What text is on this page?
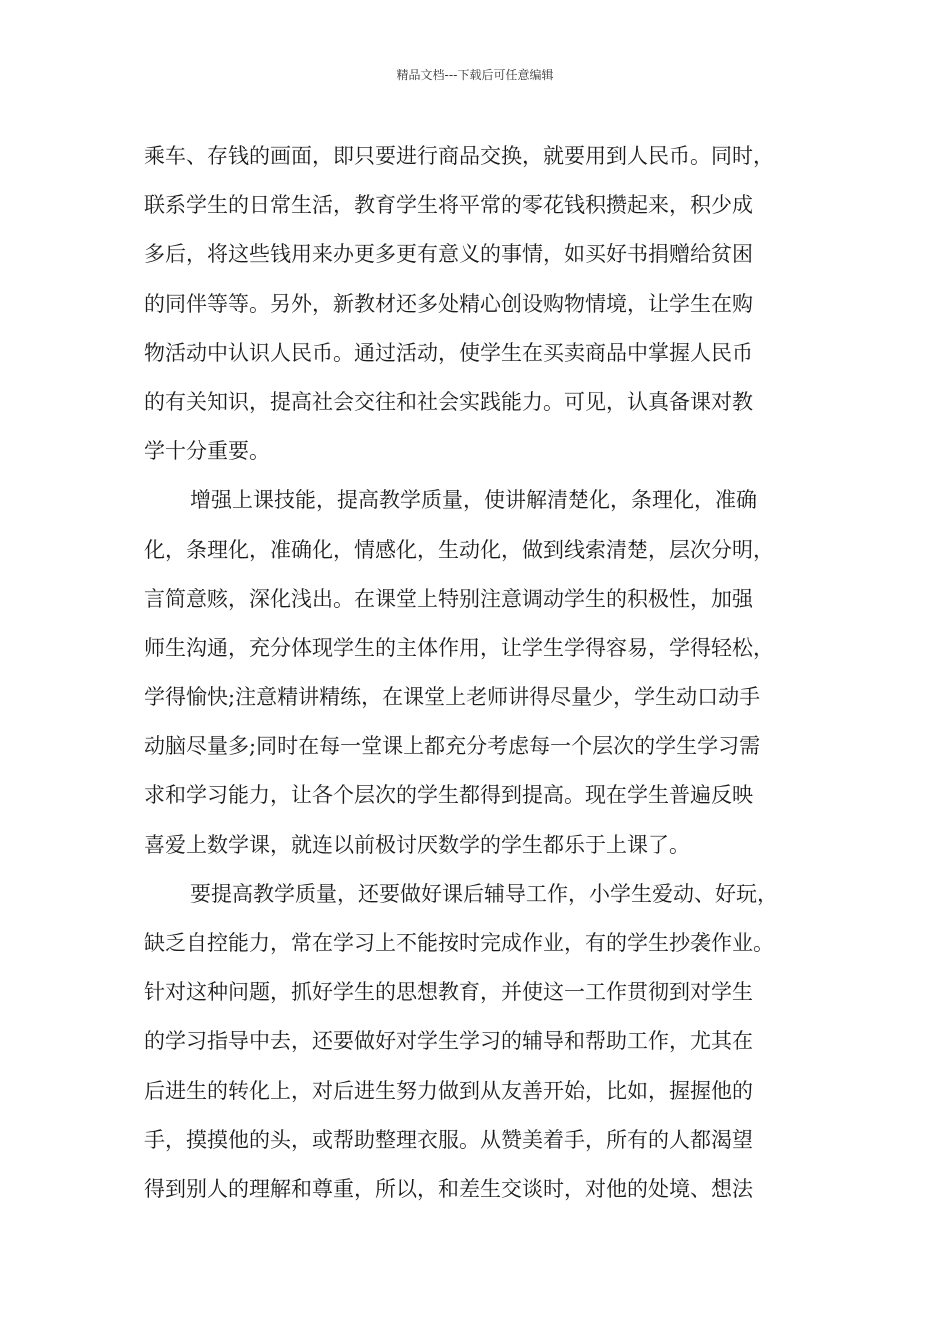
精品文档---下载后可任意编辑
乘车、存钱的画面，即只要进行商品交换，就要用到人民币。同时，
联系学生的日常生活，教育学生将平常的零花钱积攒起来，积少成
多后，将这些钱用来办更多更有意义的事情，如买好书捐赠给贫困
的同伴等等。另外，新教材还多处精心创设购物情境，让学生在购
物活动中认识人民币。通过活动，使学生在买卖商品中掌握人民币
的有关知识，提高社会交往和社会实践能力。可见，认真备课对教
学十分重要。
增强上课技能，提高教学质量，使讲解清楚化，条理化，准确
化，条理化，准确化，情感化，生动化，做到线索清楚，层次分明，
言简意赅，深化浅出。在课堂上特别注意调动学生的积极性，加强
师生沟通，充分体现学生的主体作用，让学生学得容易，学得轻松，
学得愉快;注意精讲精练，在课堂上老师讲得尽量少，学生动口动手
动脑尽量多;同时在每一堂课上都充分考虑每一个层次的学生学习需
求和学习能力，让各个层次的学生都得到提高。现在学生普遍反映
喜爱上数学课，就连以前极讨厌数学的学生都乐于上课了。
要提高教学质量，还要做好课后辅导工作，小学生爱动、好玩，
缺乏自控能力，常在学习上不能按时完成作业，有的学生抄袭作业。
针对这种问题，抓好学生的思想教育，并使这一工作贯彻到对学生
的学习指导中去，还要做好对学生学习的辅导和帮助工作，尤其在
后进生的转化上，对后进生努力做到从友善开始，比如，握握他的
手，摸摸他的头，或帮助整理衣服。从赞美着手，所有的人都渴望
得到别人的理解和尊重，所以，和差生交谈时，对他的处境、想法
